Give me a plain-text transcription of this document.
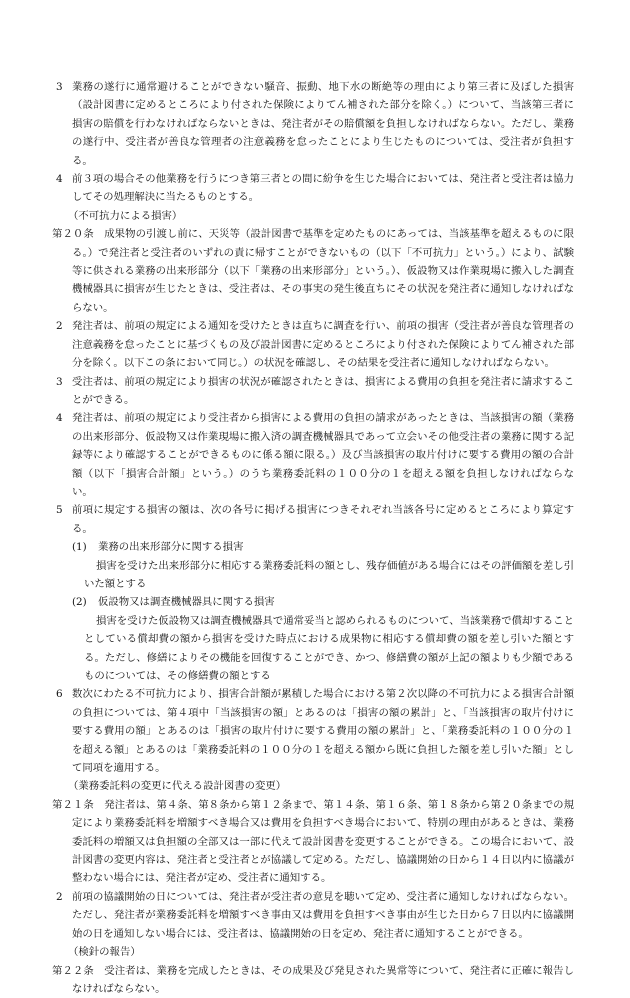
3 業務の遂行に通常避けることができない騒音、振動、地下水の断絶等の理由により第三者に及ぼした損害（設計図書に定めるところにより付された保険によりてん補された部分を除く。）について、当該第三者に損害の賠償を行わなければならないときは、発注者がその賠償額を負担しなければならない。ただし、業務の遂行中、受注者が善良な管理者の注意義務を怠ったことにより生じたものについては、受注者が負担する。

4 前３項の場合その他業務を行うにつき第三者との間に紛争を生じた場合においては、発注者と受注者は協力してその処理解決に当たるものとする。

（不可抗力による損害）

第２０条　 成果物の引渡し前に、天災等（設計図書で基準を定めたものにあっては、当該基準を超えるものに限る。）で発注者と受注者のいずれの責に帰すことができないもの（以下「不可抗力」という。）により、試験等に供される業務の出来形部分（以下「業務の出来形部分」という。）、仮設物又は作業現場に搬入した調査機械器具に損害が生じたときは、受注者は、その事実の発生後直ちにその状況を発注者に通知しなければならない。

2 発注者は、前項の規定による通知を受けたときは直ちに調査を行い、前項の損害（受注者が善良な管理者の注意義務を怠ったことに基づくもの及び設計図書に定めるところにより付された保険によりてん補された部分を除く。以下この条において同じ。）の状況を確認し、その結果を受注者に通知しなければならない。

3 受注者は、前項の規定により損害の状況が確認されたときは、損害による費用の負担を発注者に請求することができる。

4 発注者は、前項の規定により受注者から損害による費用の負担の請求があったときは、当該損害の額（業務の出来形部分、仮設物又は作業現場に搬入済の調査機械器具であって立会いその他受注者の業務に関する記録等により確認することができるものに係る額に限る。）及び当該損害の取片付けに要する費用の額の合計額（以下「損害合計額」という。）のうち業務委託料の１００分の１を超える額を負担しなければならない。

5 前項に規定する損害の額は、次の各号に掲げる損害につきそれぞれ当該各号に定めるところにより算定する。

(1) 業務の出来形部分に関する損害

損害を受けた出来形部分に相応する業務委託料の額とし、残存価値がある場合にはその評価額を差し引いた額とする

(2) 仮設物又は調査機械器具に関する損害

損害を受けた仮設物又は調査機械器具で通常妥当と認められるものについて、当該業務で償却することとしている償却費の額から損害を受けた時点における成果物に相応する償却費の額を差し引いた額とする。ただし、修繕によりその機能を回復することができ、かつ、修繕費の額が上記の額よりも少額であるものについては、その修繕費の額とする

6 数次にわたる不可抗力により、損害合計額が累積した場合における第２次以降の不可抗力による損害合計額の負担については、第４項中「当該損害の額」とあるのは「損害の額の累計」と、「当該損害の取片付けに要する費用の額」とあるのは「損害の取片付けに要する費用の額の累計」と、「業務委託料の１００分の１を超える額」とあるのは「業務委託料の１００分の１を超える額から既に負担した額を差し引いた額」として同項を適用する。

（業務委託料の変更に代える設計図書の変更）

第２１条　 発注者は、第４条、第８条から第１２条まで、第１４条、第１６条、第１８条から第２０条までの規定により業務委託料を増額すべき場合又は費用を負担すべき場合において、特別の理由があるときは、業務委託料の増額又は負担額の全部又は一部に代えて設計図書を変更することができる。この場合において、設計図書の変更内容は、発注者と受注者とが協議して定める。ただし、協議開始の日から１４日以内に協議が整わない場合には、発注者が定め、受注者に通知する。

2 前項の協議開始の日については、発注者が受注者の意見を聴いて定め、受注者に通知しなければならない。ただし、発注者が業務委託料を増額すべき事由又は費用を負担すべき事由が生じた日から７日以内に協議開始の日を通知しない場合には、受注者は、協議開始の日を定め、発注者に通知することができる。

（検針の報告）

第２２条　 受注者は、業務を完成したときは、その成果及び発見された異常等について、発注者に正確に報告しなければならない。
